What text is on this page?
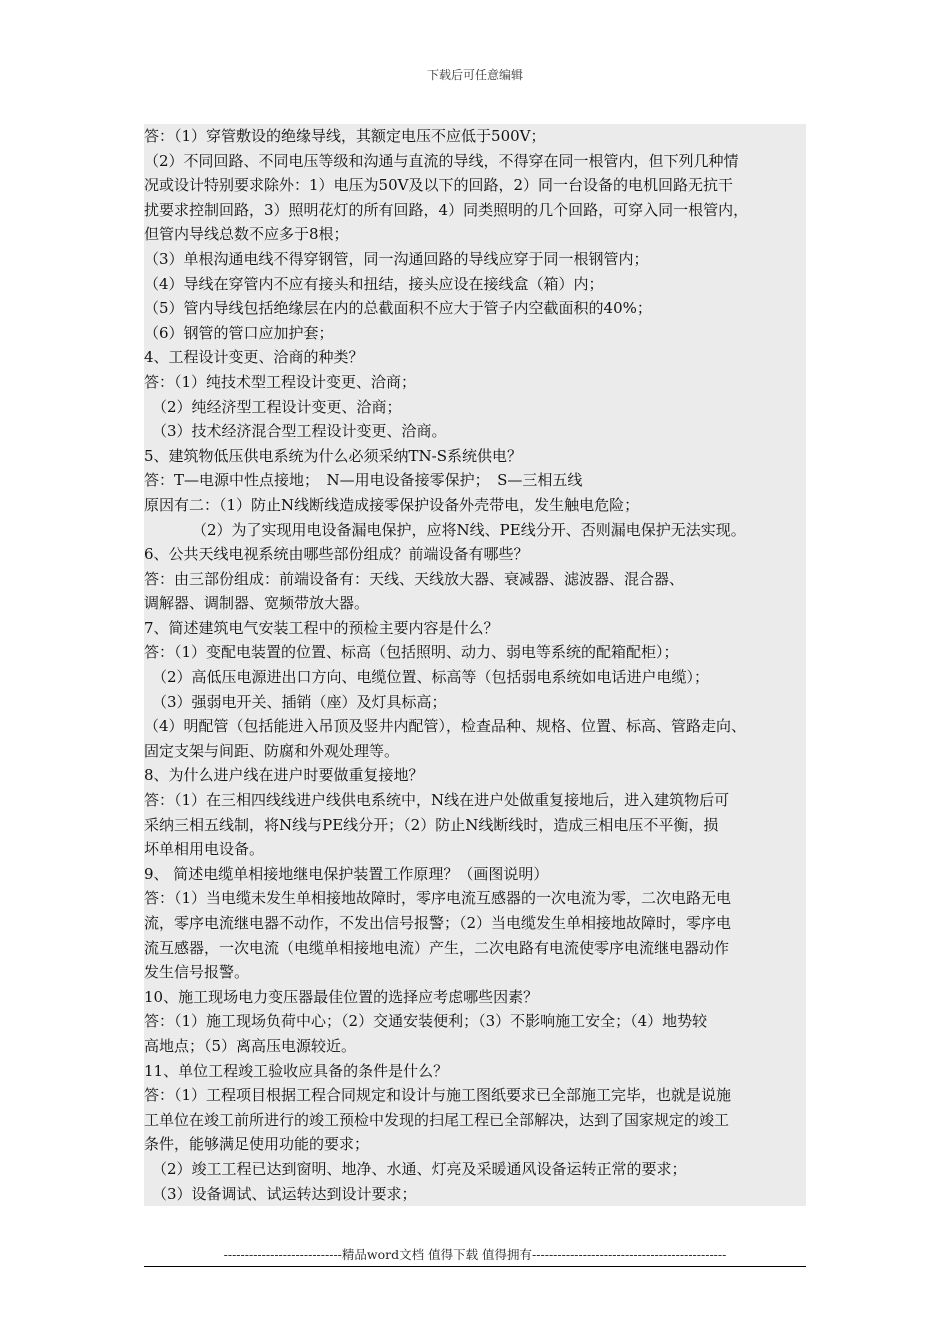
下载后可任意编辑
答：（1）穿管敷设的绝缘导线，其额定电压不应低于500V；
（2）不同回路、不同电压等级和沟通与直流的导线，不得穿在同一根管内，但下列几种情
况或设计特别要求除外：1）电压为50V及以下的回路，2）同一台设备的电机回路无抗干
扰要求控制回路，3）照明花灯的所有回路，4）同类照明的几个回路，可穿入同一根管内，
但管内导线总数不应多于8根；
（3）单根沟通电线不得穿钢管，同一沟通回路的导线应穿于同一根钢管内；
（4）导线在穿管内不应有接头和扭结，接头应设在接线盒（箱）内；
（5）管内导线包括绝缘层在内的总截面积不应大于管子内空截面积的40%；
（6）钢管的管口应加护套；
4、工程设计变更、洽商的种类？
答：（1）纯技术型工程设计变更、洽商；
（2）纯经济型工程设计变更、洽商；
（3）技术经济混合型工程设计变更、洽商。
5、建筑物低压供电系统为什么必须采纳TN-S系统供电？
答：T—电源中性点接地；　N—用电设备接零保护；　S—三相五线
原因有二：（1）防止N线断线造成接零保护设备外壳带电，发生触电危险；
（2）为了实现用电设备漏电保护，应将N线、PE线分开、否则漏电保护无法实现。
6、公共天线电视系统由哪些部份组成？前端设备有哪些？
答：由三部份组成：前端设备有：天线、天线放大器、衰减器、滤波器、混合器、
调解器、调制器、宽频带放大器。
7、简述建筑电气安装工程中的预检主要内容是什么？
答：（1）变配电装置的位置、标高（包括照明、动力、弱电等系统的配箱配柜）；
（2）高低压电源进出口方向、电缆位置、标高等（包括弱电系统如电话进户电缆）；
（3）强弱电开关、插销（座）及灯具标高；
（4）明配管（包括能进入吊顶及竖井内配管），检查品种、规格、位置、标高、管路走向、
固定支架与间距、防腐和外观处理等。
8、为什么进户线在进户时要做重复接地？
答：（1）在三相四线线进户线供电系统中，N线在进户处做重复接地后，进入建筑物后可
采纳三相五线制，将N线与PE线分开；（2）防止N线断线时，造成三相电压不平衡，损
坏单相用电设备。
9、 简述电缆单相接地继电保护装置工作原理？（画图说明）
答：（1）当电缆未发生单相接地故障时，零序电流互感器的一次电流为零，二次电路无电
流，零序电流继电器不动作，不发出信号报警；（2）当电缆发生单相接地故障时，零序电
流互感器，一次电流（电缆单相接地电流）产生，二次电路有电流使零序电流继电器动作
发生信号报警。
10、施工现场电力变压器最佳位置的选择应考虑哪些因素？
答：（1）施工现场负荷中心；（2）交通安装便利；（3）不影响施工安全；（4）地势较
高地点；（5）离高压电源较近。
11、单位工程竣工验收应具备的条件是什么？
答：（1）工程项目根据工程合同规定和设计与施工图纸要求已全部施工完毕，也就是说施
工单位在竣工前所进行的竣工预检中发现的扫尾工程已全部解决，达到了国家规定的竣工
条件，能够满足使用功能的要求；
（2）竣工工程已达到窗明、地净、水通、灯亮及采暖通风设备运转正常的要求；
（3）设备调试、试运转达到设计要求；
----------------------------精品word文档 值得下载 值得拥有----------------------------------------------
